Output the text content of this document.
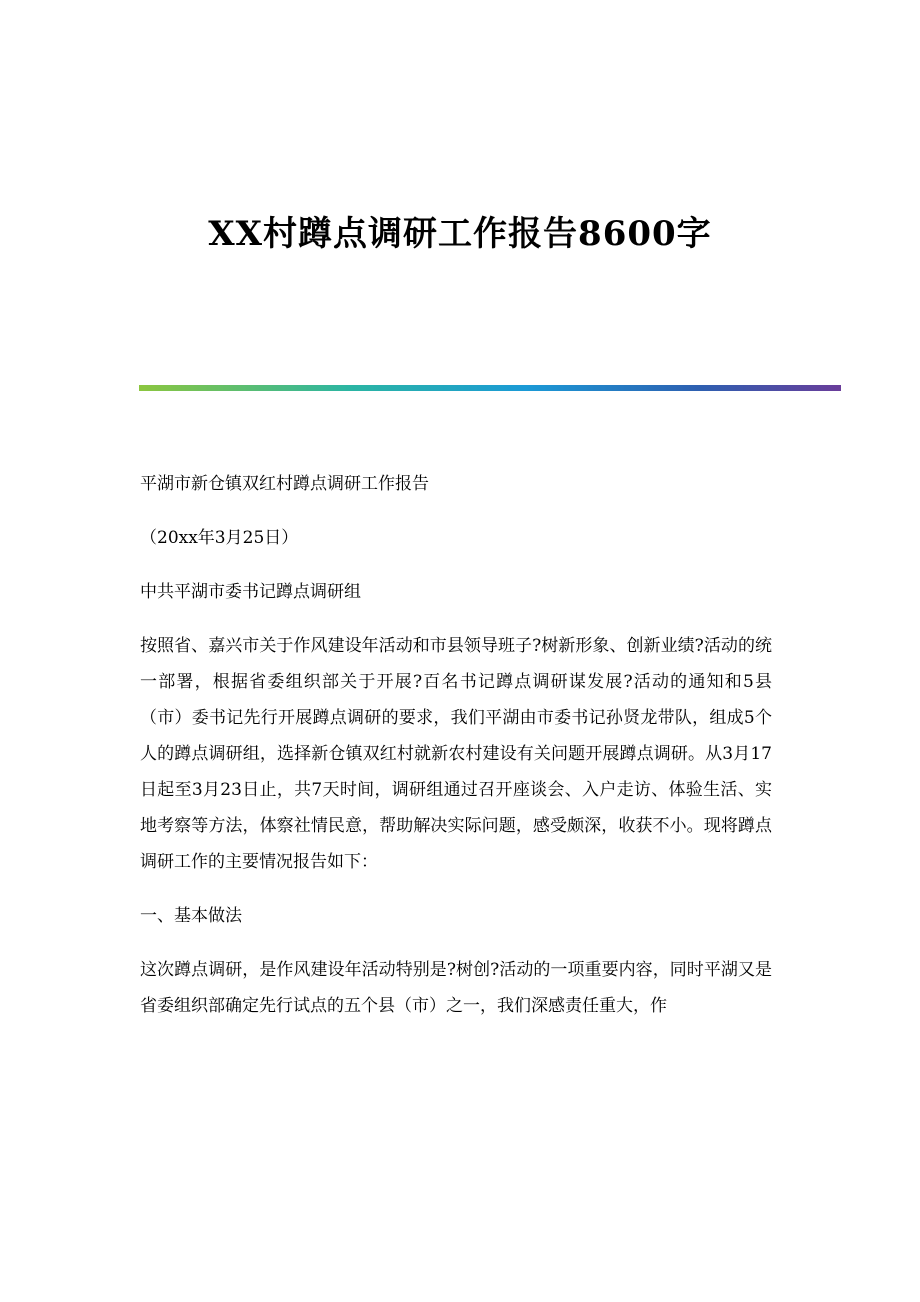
XX村蹲点调研工作报告8600字

平湖市新仓镇双红村蹲点调研工作报告

（20xx年3月25日）

中共平湖市委书记蹲点调研组

按照省、嘉兴市关于作风建设年活动和市县领导班子?树新形象、创新业绩?活动的统一部署，根据省委组织部关于开展?百名书记蹲点调研谋发展?活动的通知和5县（市）委书记先行开展蹲点调研的要求，我们平湖由市委书记孙贤龙带队，组成5个人的蹲点调研组，选择新仓镇双红村就新农村建设有关问题开展蹲点调研。从3月17日起至3月23日止，共7天时间，调研组通过召开座谈会、入户走访、体验生活、实地考察等方法，体察社情民意，帮助解决实际问题，感受颇深，收获不小。现将蹲点调研工作的主要情况报告如下：

一、基本做法

这次蹲点调研，是作风建设年活动特别是?树创?活动的一项重要内容，同时平湖又是省委组织部确定先行试点的五个县（市）之一，我们深感责任重大，作
